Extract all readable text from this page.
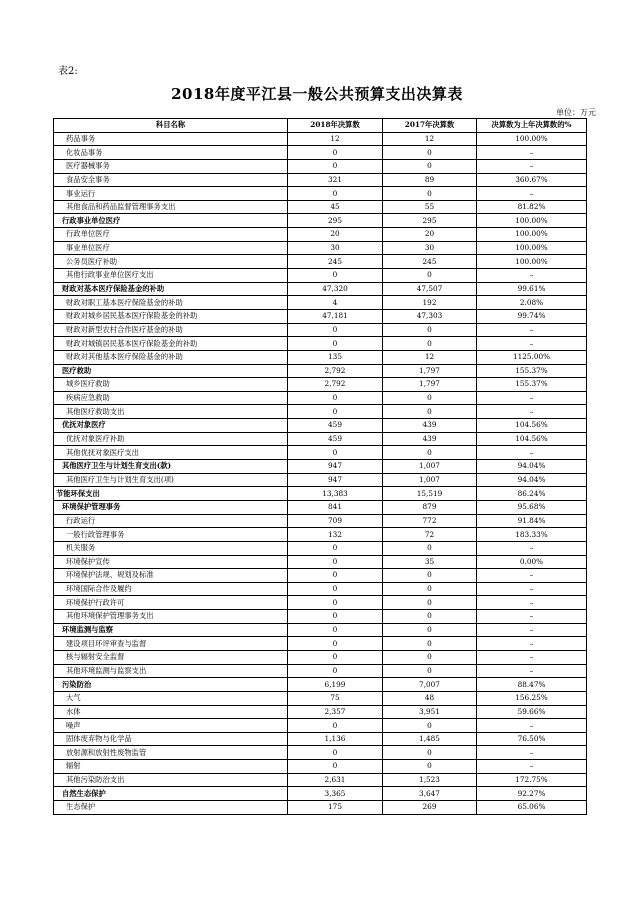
表2:
2018年度平江县一般公共预算支出决算表
单位：万元
科目名称	2018年决算数	2017年决算数	决算数为上年决算数的%
药品事务	12	12	100.00%
化妆品事务	0	0	–
医疗器械事务	0	0	–
食品安全事务	321	89	360.67%
事业运行	0	0	–
其他食品和药品监督管理事务支出	45	55	81.82%
行政事业单位医疗	295	295	100.00%
行政单位医疗	20	20	100.00%
事业单位医疗	30	30	100.00%
公务员医疗补助	245	245	100.00%
其他行政事业单位医疗支出	0	0	–
财政对基本医疗保险基金的补助	47,320	47,507	99.61%
财政对职工基本医疗保险基金的补助	4	192	2.08%
财政对城乡居民基本医疗保险基金的补助	47,181	47,303	99.74%
财政对新型农村合作医疗基金的补助	0	0	–
财政对城镇居民基本医疗保险基金的补助	0	0	–
财政对其他基本医疗保险基金的补助	135	12	1125.00%
医疗救助	2,792	1,797	155.37%
城乡医疗救助	2,792	1,797	155.37%
疾病应急救助	0	0	–
其他医疗救助支出	0	0	–
优抚对象医疗	459	439	104.56%
优抚对象医疗补助	459	439	104.56%
其他优抚对象医疗支出	0	0	–
其他医疗卫生与计划生育支出(款)	947	1,007	94.04%
其他医疗卫生与计划生育支出(项)	947	1,007	94.04%
节能环保支出	13,383	15,519	86.24%
环境保护管理事务	841	879	95.68%
行政运行	709	772	91.84%
一般行政管理事务	132	72	183.33%
机关服务	0	0	–
环境保护宣传	0	35	0.00%
环境保护法规、规划及标准	0	0	–
环境国际合作及履约	0	0	–
环境保护行政许可	0	0	–
其他环境保护管理事务支出	0	0	–
环境监测与监察	0	0	–
建设项目环评审查与监督	0	0	–
核与辐射安全监督	0	0	–
其他环境监测与监察支出	0	0	–
污染防治	6,199	7,007	88.47%
大气	75	48	156.25%
水体	2,357	3,951	59.66%
噪声	0	0	–
固体废弃物与化学品	1,136	1,485	76.50%
放射源和放射性废物监管	0	0	–
辐射	0	0	–
其他污染防治支出	2,631	1,523	172.75%
自然生态保护	3,365	3,647	92.27%
生态保护	175	269	65.06%
